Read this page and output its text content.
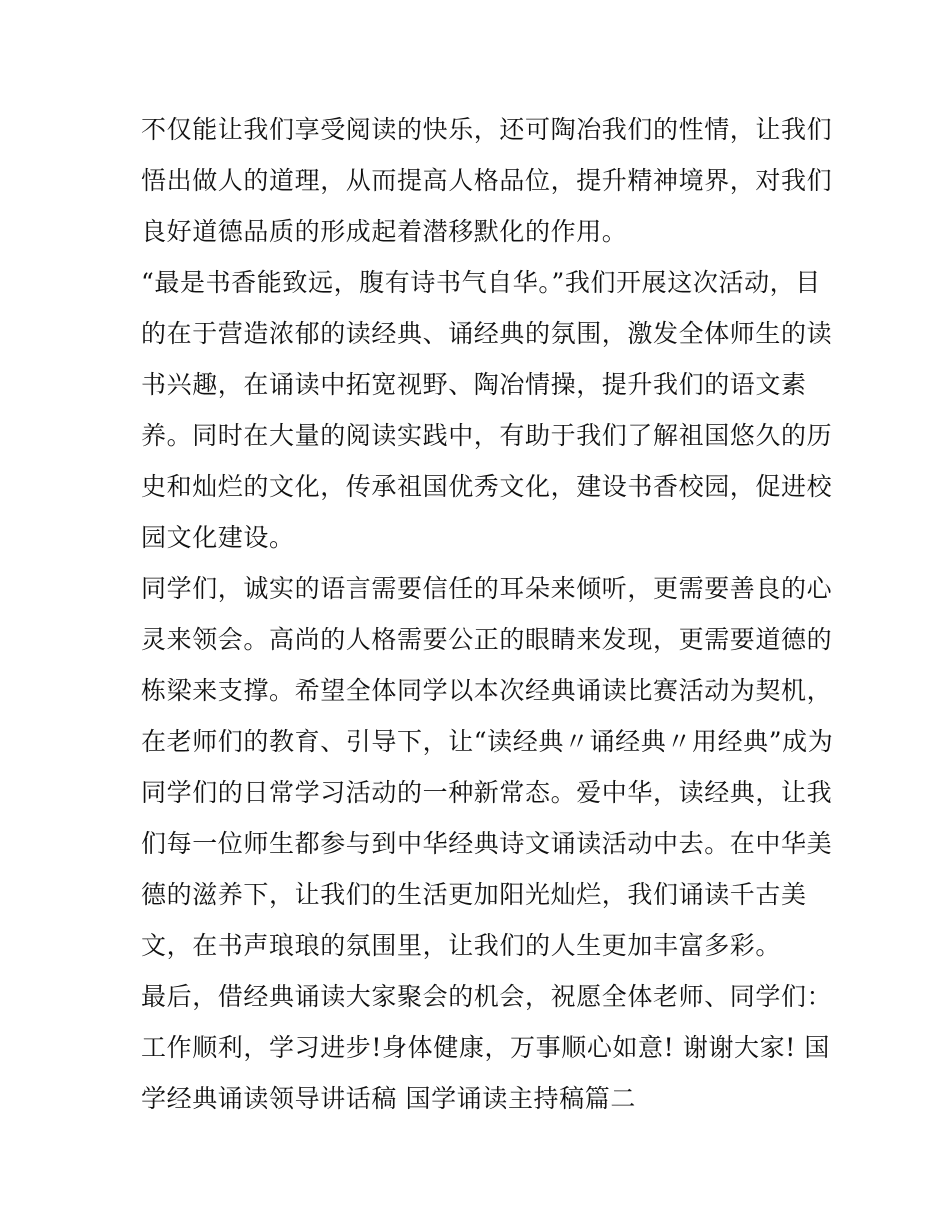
不仅能让我们享受阅读的快乐，还可陶冶我们的性情，让我们
悟出做人的道理，从而提高人格品位，提升精神境界，对我们
良好道德品质的形成起着潜移默化的作用。
“最是书香能致远，腹有诗书气自华。”我们开展这次活动，目
的在于营造浓郁的读经典、诵经典的氛围，激发全体师生的读
书兴趣，在诵读中拓宽视野、陶冶情操，提升我们的语文素
养。同时在大量的阅读实践中，有助于我们了解祖国悠久的历
史和灿烂的文化，传承祖国优秀文化，建设书香校园，促进校
园文化建设。
同学们，诚实的语言需要信任的耳朵来倾听，更需要善良的心
灵来领会。高尚的人格需要公正的眼睛来发现，更需要道德的
栋梁来支撑。希望全体同学以本次经典诵读比赛活动为契机，
在老师们的教育、引导下，让“读经典〃诵经典〃用经典”成为
同学们的日常学习活动的一种新常态。爱中华，读经典，让我
们每一位师生都参与到中华经典诗文诵读活动中去。在中华美
德的滋养下，让我们的生活更加阳光灿烂，我们诵读千古美
文，在书声琅琅的氛围里，让我们的人生更加丰富多彩。
最后，借经典诵读大家聚会的机会，祝愿全体老师、同学们：
工作顺利，学习进步!身体健康，万事顺心如意! 谢谢大家! 国
学经典诵读领导讲话稿 国学诵读主持稿篇二
